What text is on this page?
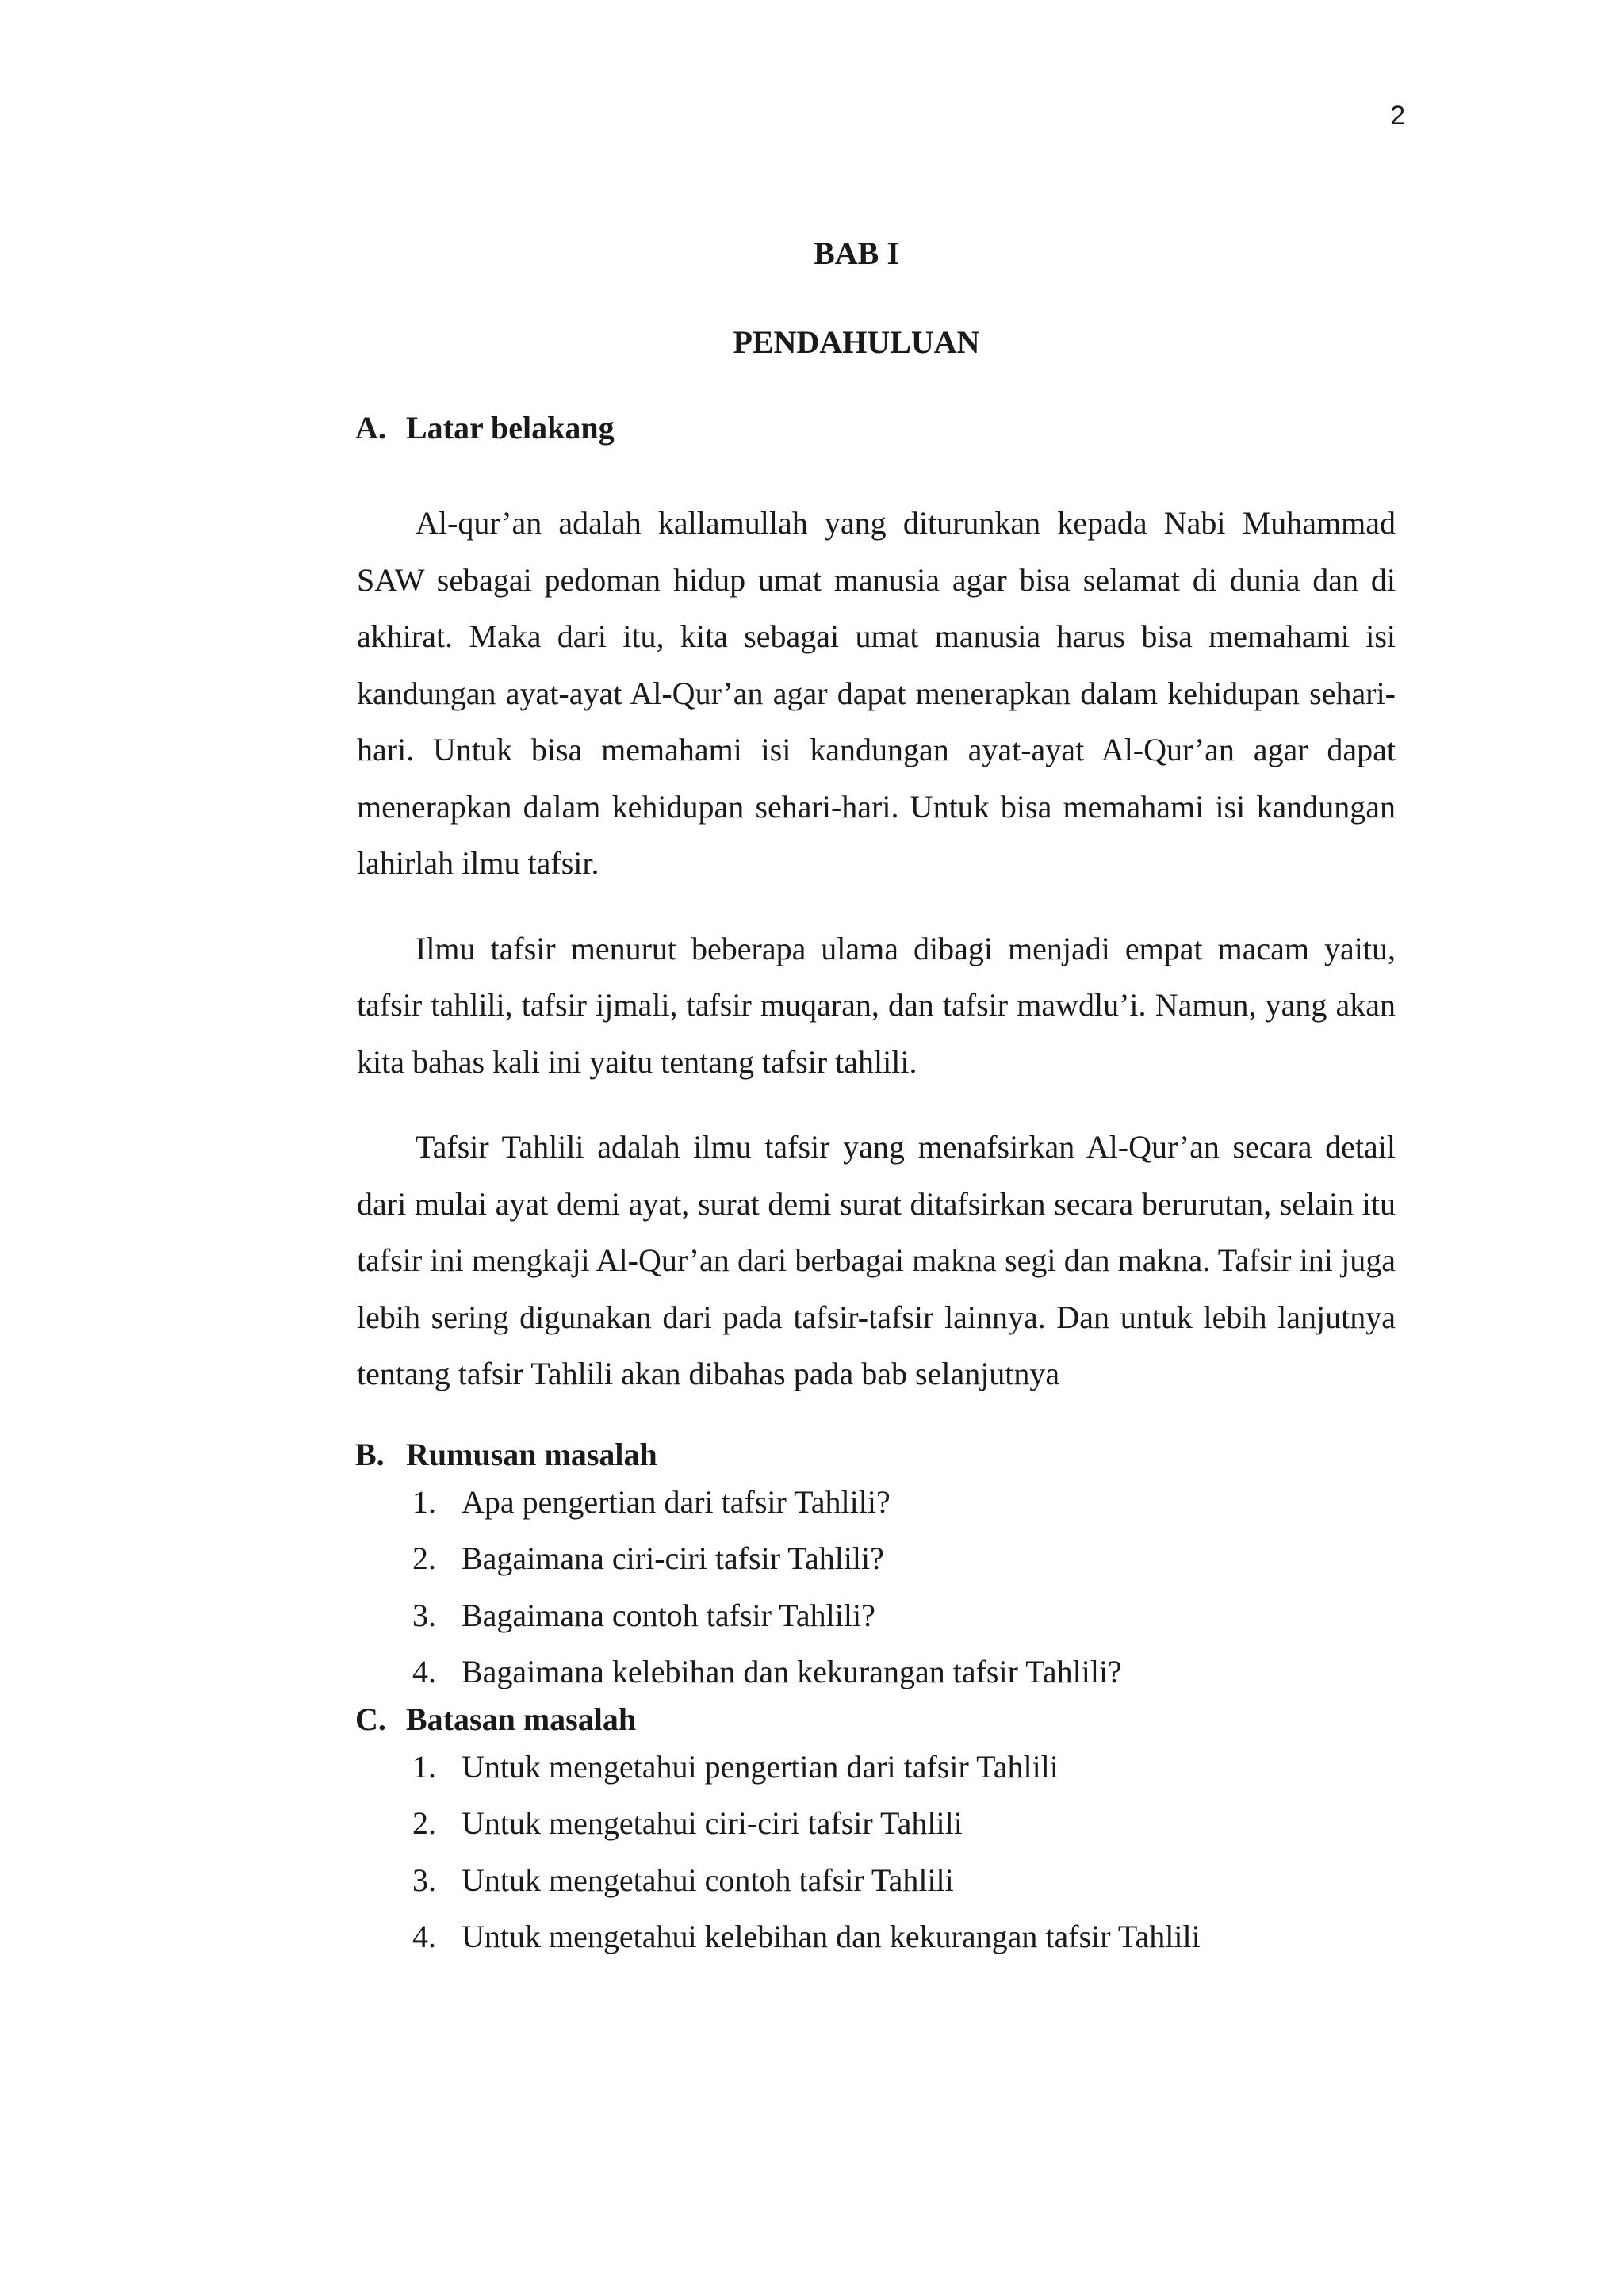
2
BAB I
PENDAHULUAN
A. Latar belakang

Al-qur’an adalah kallamullah yang diturunkan kepada Nabi Muhammad SAW sebagai pedoman hidup umat manusia agar bisa selamat di dunia dan di akhirat. Maka dari itu, kita sebagai umat manusia harus bisa memahami isi kandungan ayat-ayat Al-Qur’an agar dapat menerapkan dalam kehidupan sehari-hari. Untuk bisa memahami isi kandungan ayat-ayat Al-Qur’an agar dapat menerapkan dalam kehidupan sehari-hari. Untuk bisa memahami isi kandungan lahirlah ilmu tafsir.

Ilmu tafsir menurut beberapa ulama dibagi menjadi empat macam yaitu, tafsir tahlili, tafsir ijmali, tafsir muqaran, dan tafsir mawdlu’i. Namun, yang akan kita bahas kali ini yaitu tentang tafsir tahlili.

Tafsir Tahlili adalah ilmu tafsir yang menafsirkan Al-Qur’an secara detail dari mulai ayat demi ayat, surat demi surat ditafsirkan secara berurutan, selain itu tafsir ini mengkaji Al-Qur’an dari berbagai makna segi dan makna. Tafsir ini juga lebih sering digunakan dari pada tafsir-tafsir lainnya. Dan untuk lebih lanjutnya tentang tafsir Tahlili akan dibahas pada bab selanjutnya

B. Rumusan masalah
1. Apa pengertian dari tafsir Tahlili?
2. Bagaimana ciri-ciri tafsir Tahlili?
3. Bagaimana contoh tafsir Tahlili?
4. Bagaimana kelebihan dan kekurangan tafsir Tahlili?
C. Batasan masalah
1. Untuk mengetahui pengertian dari tafsir Tahlili
2. Untuk mengetahui ciri-ciri tafsir Tahlili
3. Untuk mengetahui contoh tafsir Tahlili
4. Untuk mengetahui kelebihan dan kekurangan tafsir Tahlili
